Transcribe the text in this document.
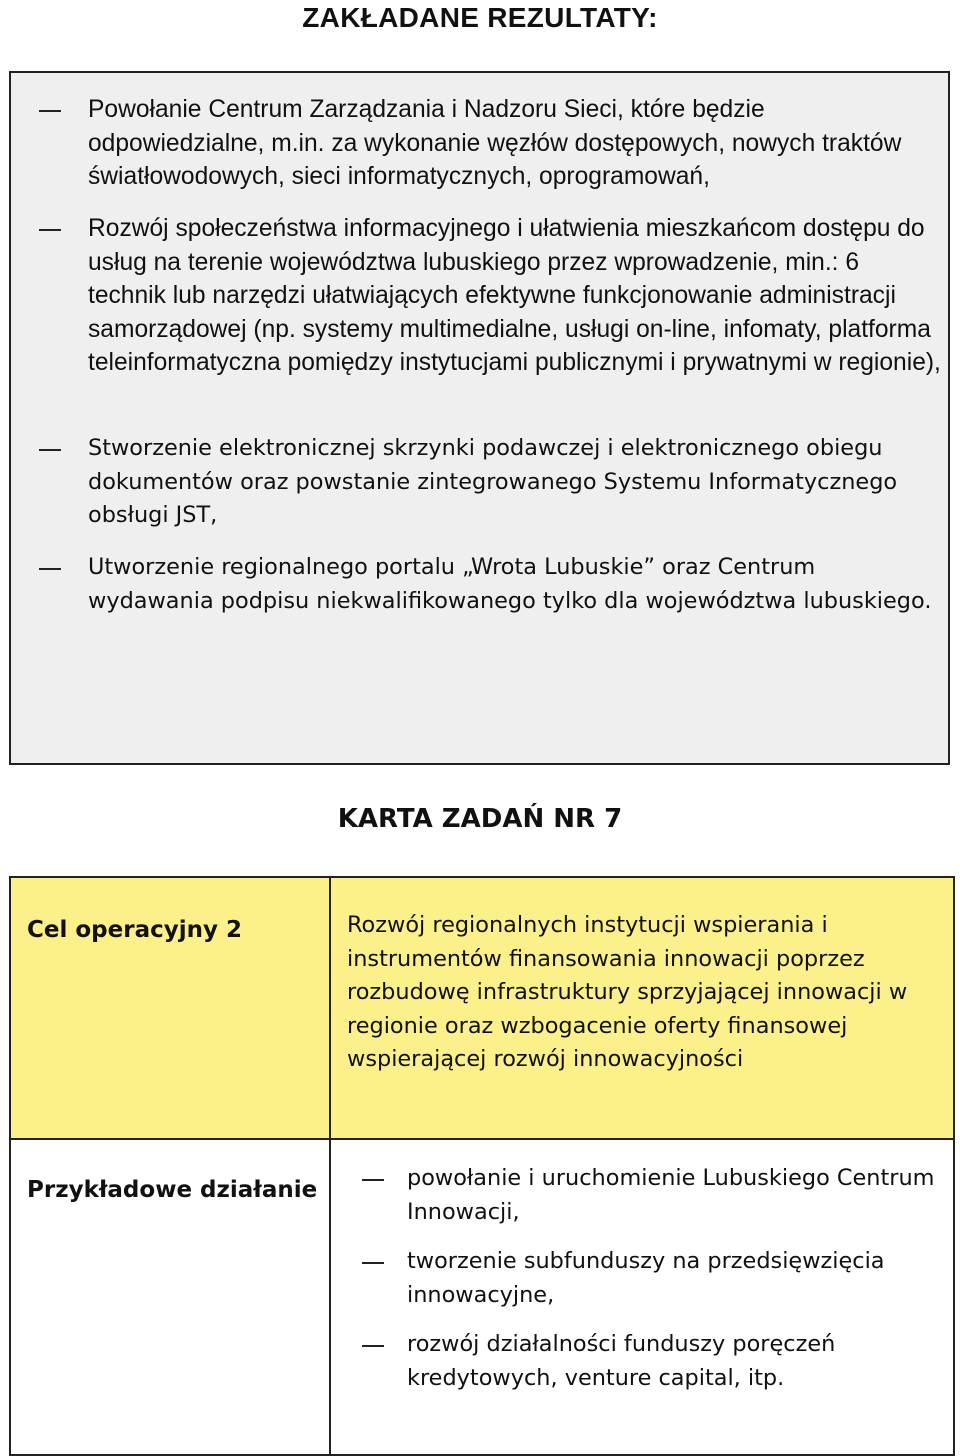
ZAKŁADANE REZULTATY:
Powołanie Centrum Zarządzania i Nadzoru Sieci, które będzie odpowiedzialne, m.in. za wykonanie węzłów dostępowych, nowych traktów światłowodowych, sieci informatycznych, oprogramowań,
Rozwój społeczeństwa informacyjnego i ułatwienia mieszkańcom dostępu do usług na terenie województwa lubuskiego przez wprowadzenie, min.: 6 technik lub narzędzi ułatwiających efektywne funkcjonowanie administracji samorządowej (np. systemy multimedialne, usługi on-line, infomaty, platforma teleinformatyczna pomiędzy instytucjami publicznymi i prywatnymi w regionie),
Stworzenie elektronicznej skrzynki podawczej i elektronicznego obiegu dokumentów oraz powstanie zintegrowanego Systemu Informatycznego obsługi JST,
Utworzenie regionalnego portalu „Wrota Lubuskie” oraz Centrum wydawania podpisu niekwalifikowanego tylko dla województwa lubuskiego.
KARTA ZADAŃ NR 7
Cel operacyjny 2	Rozwój regionalnych instytucji wspierania i instrumentów finansowania innowacji poprzez rozbudowę infrastruktury sprzyjającej innowacji w regionie oraz wzbogacenie oferty finansowej wspierającej rozwój innowacyjności
Przykładowe działanie	powołanie i uruchomienie Lubuskiego Centrum Innowacji,
tworzenie subfunduszy na przedsięwzięcia innowacyjne,
rozwój działalności funduszy poręczeń kredytowych, venture capital, itp.
